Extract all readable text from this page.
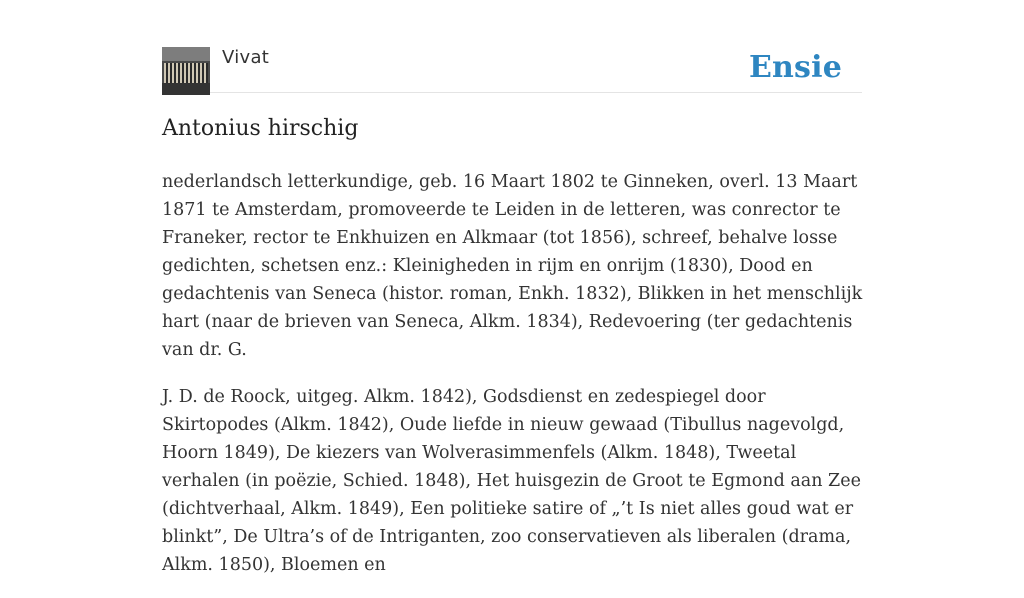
Vivat	Ensie
Antonius hirschig

nederlandsch letterkundige, geb. 16 Maart 1802 te Ginneken, overl. 13 Maart 1871 te Amsterdam, promoveerde te Leiden in de letteren, was conrector te Franeker, rector te Enkhuizen en Alkmaar (tot 1856), schreef, behalve losse gedichten, schetsen enz.: Kleinigheden in rijm en onrijm (1830), Dood en gedachtenis van Seneca (histor. roman, Enkh. 1832), Blikken in het menschlijk hart (naar de brieven van Seneca, Alkm. 1834), Redevoering (ter gedachtenis van dr. G.

J. D. de Roock, uitgeg. Alkm. 1842), Godsdienst en zedespiegel door Skirtopodes (Alkm. 1842), Oude liefde in nieuw gewaad (Tibullus nagevolgd, Hoorn 1849), De kiezers van Wolverasimmenfels (Alkm. 1848), Tweetal verhalen (in poëzie, Schied. 1848), Het huisgezin de Groot te Egmond aan Zee (dichtverhaal, Alkm. 1849), Een politieke satire of „’t Is niet alles goud wat er blinkt”, De Ultra’s of de Intriganten, zoo conservatieven als liberalen (drama, Alkm. 1850), Bloemen en
